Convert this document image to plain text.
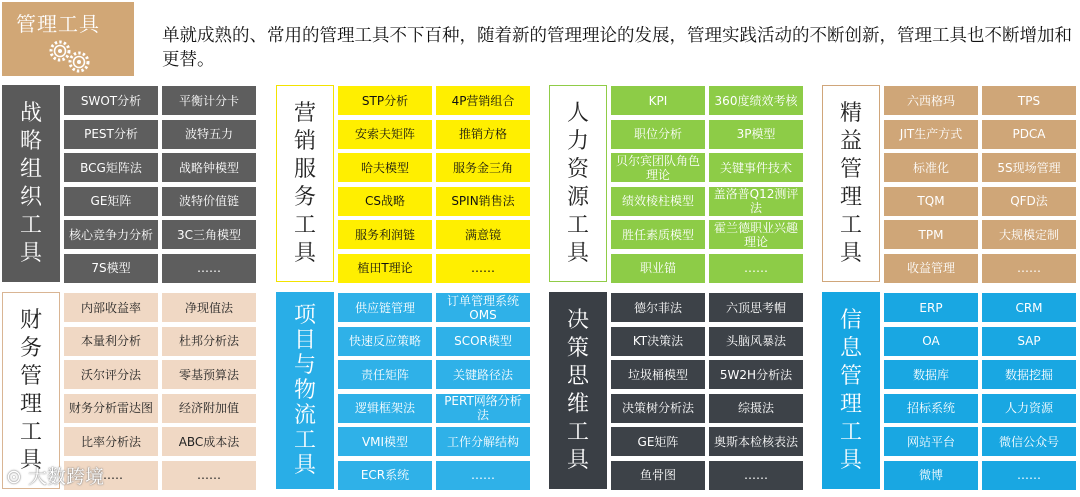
管理工具	单就成熟的、常用的管理工具不下百种，随着新的管理理论的发展，管理实践活动的不断创新，管理工具也不断增加和更替。
战
略
组
织
工
具
SWOT分析	平衡计分卡
PEST分析	波特五力
BCG矩阵法	战略钟模型
GE矩阵	波特价值链
核心竞争力分析	3C三角模型
7S模型	……
营
销
服
务
工
具
STP分析	4P营销组合
安索夫矩阵	推销方格
哈夫模型	服务金三角
CS战略	SPIN销售法
服务利润链	满意镜
植田T理论	……
人
力
资
源
工
具
KPI	360度绩效考核
职位分析	3P模型
贝尔宾团队角色理论	关键事件技术
绩效棱柱模型	盖洛普Q12测评法
胜任素质模型	霍兰德职业兴趣理论
职业锚	……
精
益
管
理
工
具
六西格玛	TPS
JIT生产方式	PDCA
标准化	5S现场管理
TQM	QFD法
TPM	大规模定制
收益管理	……
财
务
管
理
工
具
内部收益率	净现值法
本量利分析	杜邦分析法
沃尔评分法	零基预算法
财务分析雷达图	经济附加值
比率分析法	ABC成本法
……	……
项
目
与
物
流
工
具
供应链管理	订单管理系统OMS
快速反应策略	SCOR模型
责任矩阵	关键路径法
逻辑框架法	PERT网络分析法
VMI模型	工作分解结构
ECR系统	……
决
策
思
维
工
具
德尔菲法	六顶思考帽
KT决策法	头脑风暴法
垃圾桶模型	5W2H分析法
决策树分析法	综摄法
GE矩阵	奥斯本检核表法
鱼骨图	……
信
息
管
理
工
具
ERP	CRM
OA	SAP
数据库	数据挖掘
招标系统	人力资源
网站平台	微信公众号
微博	……
⊙ 大数跨境
